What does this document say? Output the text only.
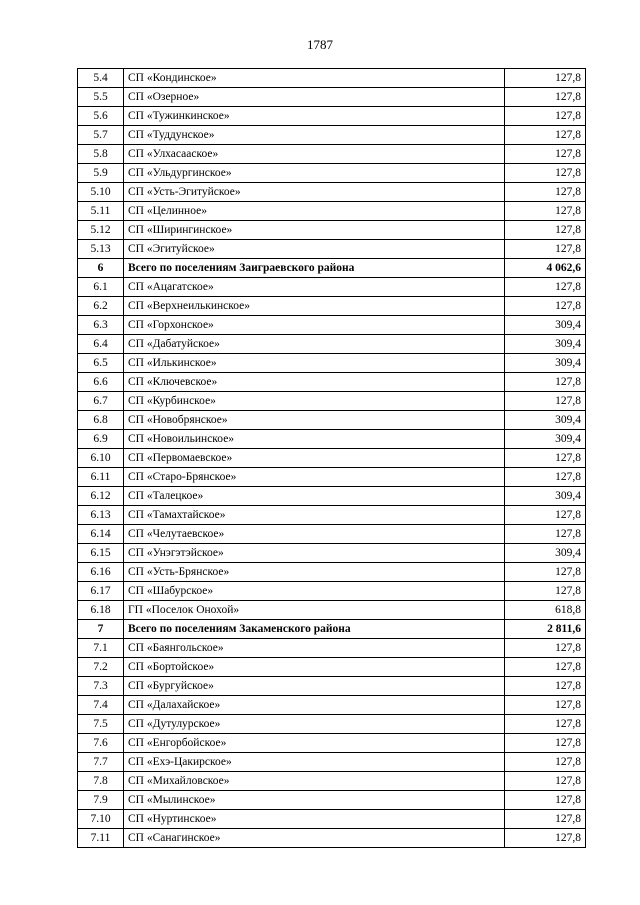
1787
5.4	СП «Кондинское»	127,8
5.5	СП «Озерное»	127,8
5.6	СП «Тужинкинское»	127,8
5.7	СП «Туддунское»	127,8
5.8	СП «Улхасаaское»	127,8
5.9	СП «Ульдургинское»	127,8
5.10	СП «Усть-Эгитуйское»	127,8
5.11	СП «Целинное»	127,8
5.12	СП «Ширингинское»	127,8
5.13	СП «Эгитуйское»	127,8
6	Всего по поселениям Заиграевского района	4 062,6
6.1	СП «Ацагатское»	127,8
6.2	СП «Верхнеилькинское»	127,8
6.3	СП «Горхонское»	309,4
6.4	СП «Дабатуйское»	309,4
6.5	СП «Илькинское»	309,4
6.6	СП «Ключевское»	127,8
6.7	СП «Курбинское»	127,8
6.8	СП «Новобрянское»	309,4
6.9	СП «Новоильинское»	309,4
6.10	СП «Первомаевское»	127,8
6.11	СП «Старо-Брянское»	127,8
6.12	СП «Талецкое»	309,4
6.13	СП «Тамахтайское»	127,8
6.14	СП «Челутаевское»	127,8
6.15	СП «Унэгэтэйское»	309,4
6.16	СП «Усть-Брянское»	127,8
6.17	СП «Шабурское»	127,8
6.18	ГП «Поселок Онохой»	618,8
7	Всего по поселениям Закаменского района	2 811,6
7.1	СП «Баянгольское»	127,8
7.2	СП «Бортойское»	127,8
7.3	СП «Бургуйское»	127,8
7.4	СП «Далахайское»	127,8
7.5	СП «Дутулурское»	127,8
7.6	СП «Енгорбойское»	127,8
7.7	СП «Ехэ-Цакирское»	127,8
7.8	СП «Михайловское»	127,8
7.9	СП «Мылинское»	127,8
7.10	СП «Нуртинское»	127,8
7.11	СП «Санагинское»	127,8
